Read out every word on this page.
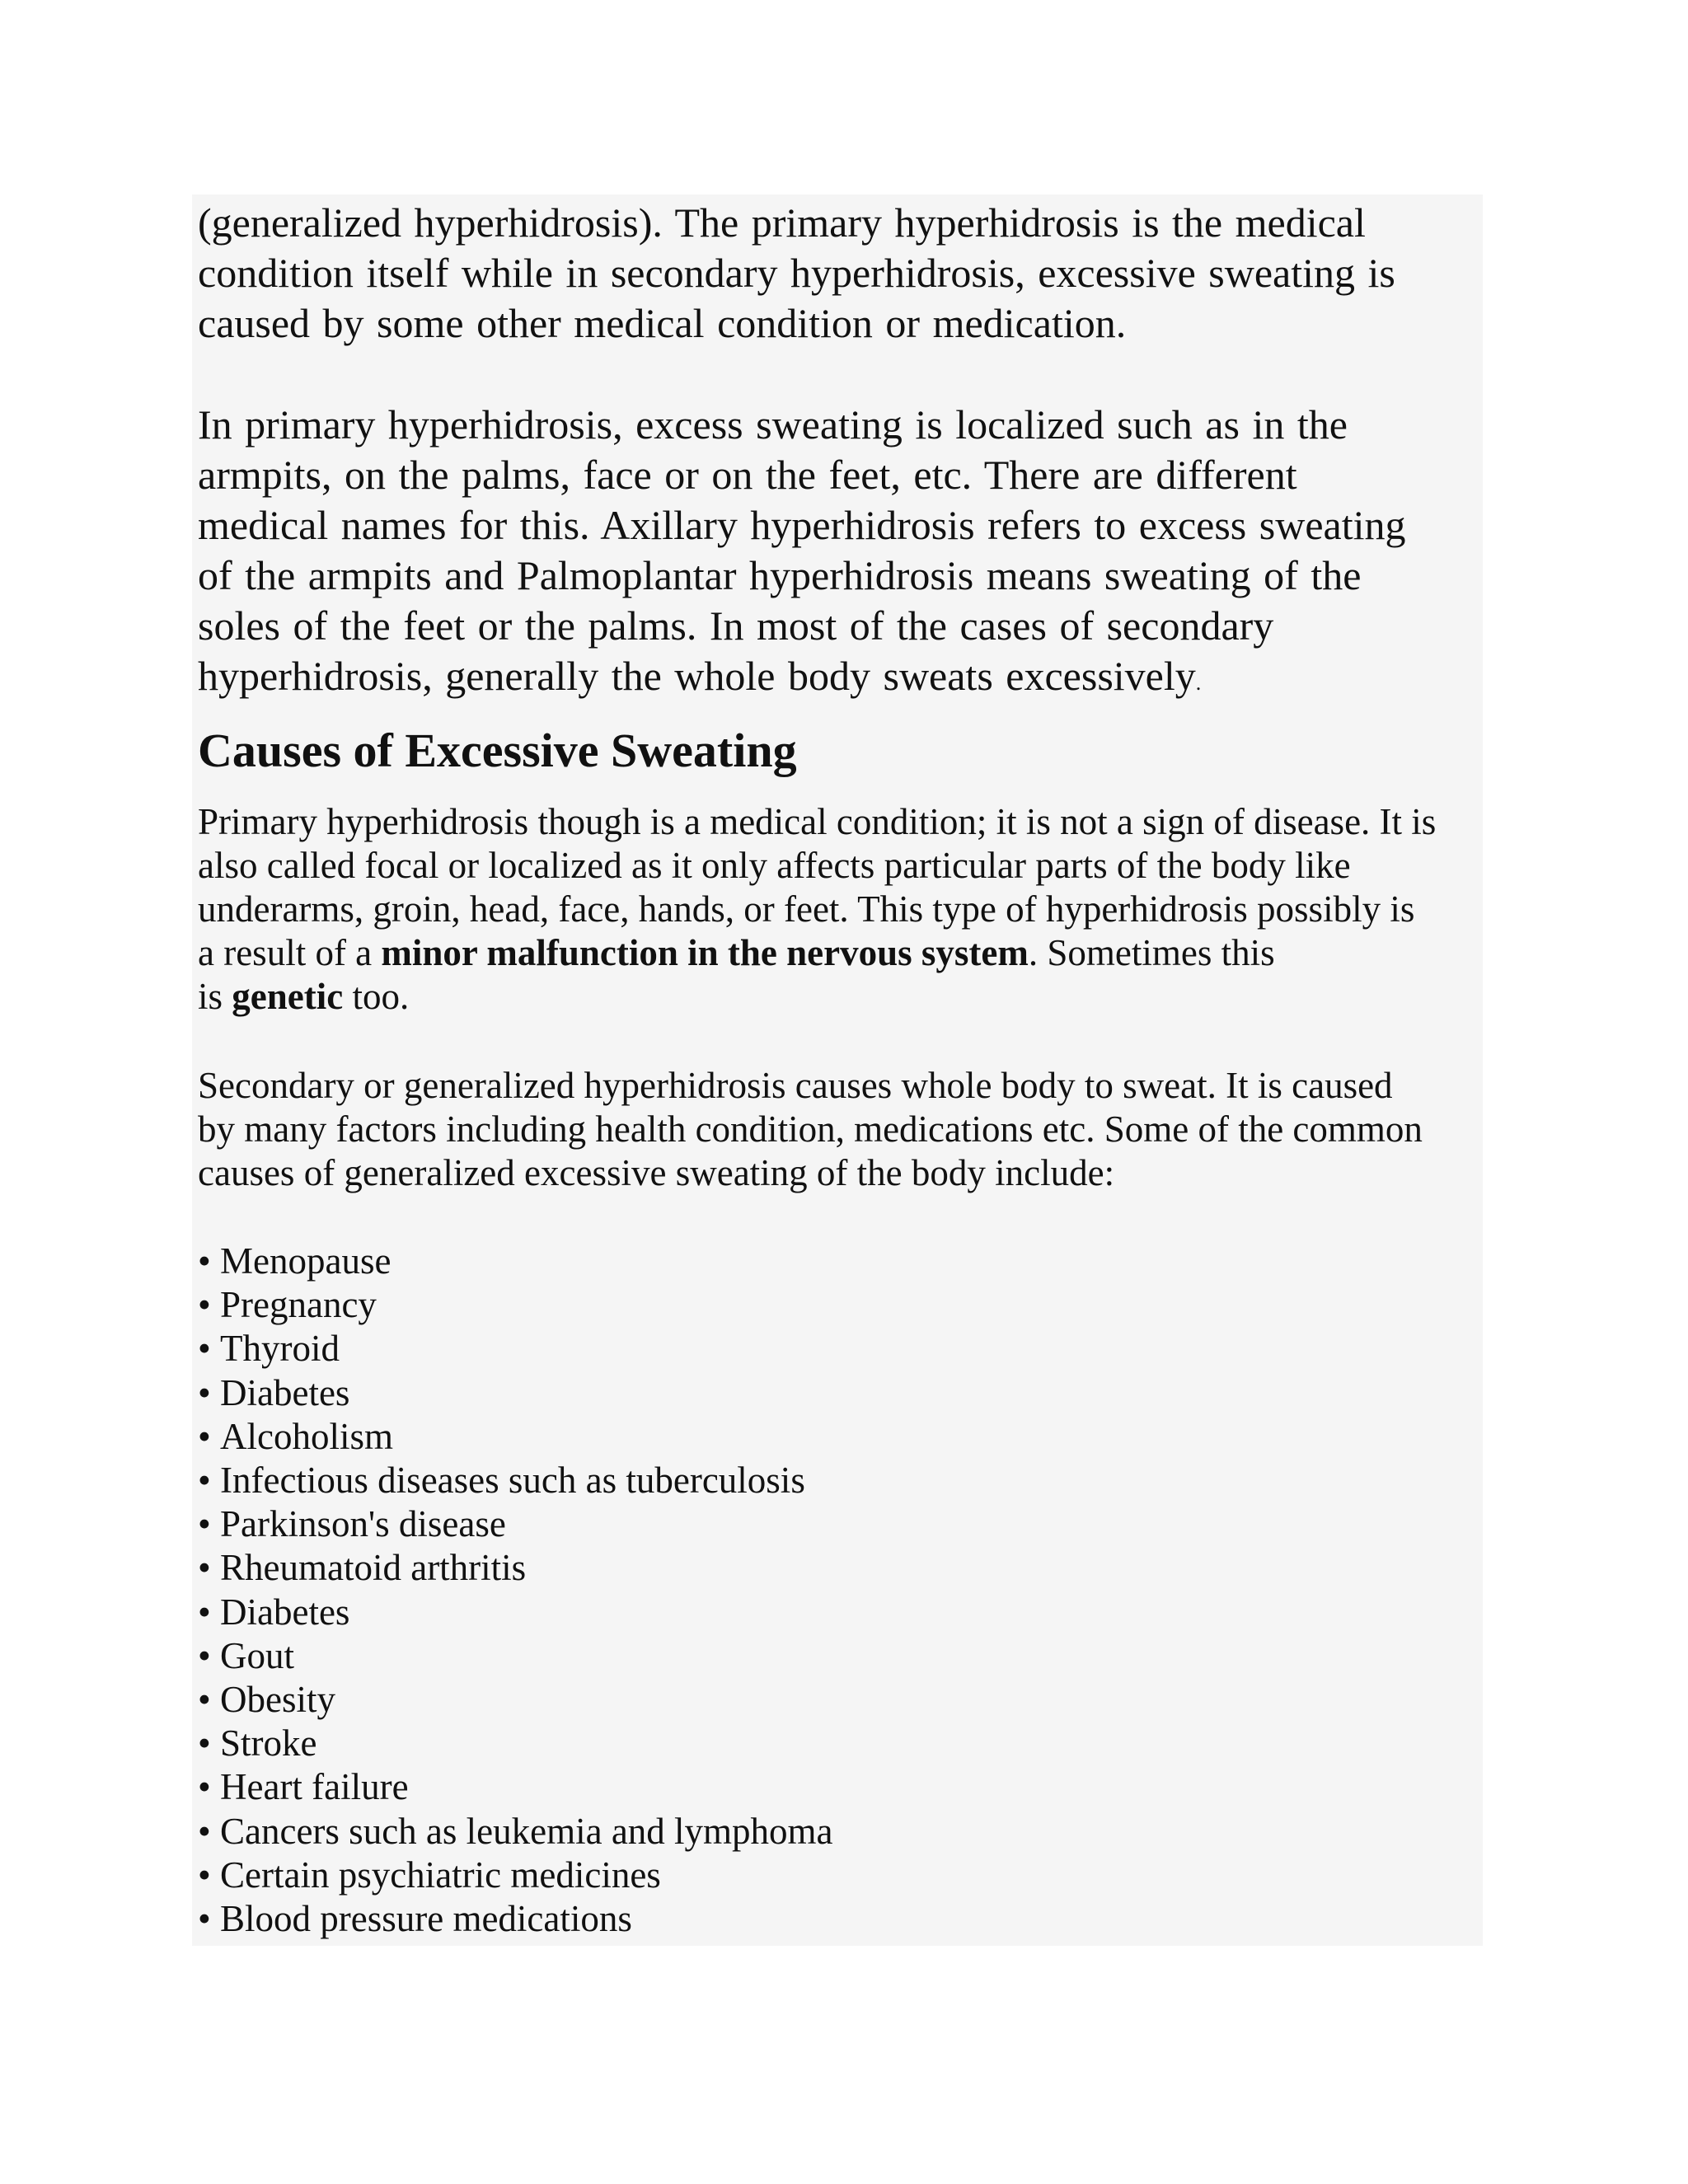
(generalized hyperhidrosis). The primary hyperhidrosis is the medical
condition itself while in secondary hyperhidrosis, excessive sweating is
caused by some other medical condition or medication.

In primary hyperhidrosis, excess sweating is localized such as in the
armpits, on the palms, face or on the feet, etc. There are different
medical names for this. Axillary hyperhidrosis refers to excess sweating
of the armpits and Palmoplantar hyperhidrosis means sweating of the
soles of the feet or the palms. In most of the cases of secondary
hyperhidrosis, generally the whole body sweats excessively.

Causes of Excessive Sweating

Primary hyperhidrosis though is a medical condition; it is not a sign of disease. It is
also called focal or localized as it only affects particular parts of the body like
underarms, groin, head, face, hands, or feet. This type of hyperhidrosis possibly is
a result of a minor malfunction in the nervous system. Sometimes this
is genetic too.

Secondary or generalized hyperhidrosis causes whole body to sweat. It is caused
by many factors including health condition, medications etc. Some of the common
causes of generalized excessive sweating of the body include:

• Menopause
• Pregnancy
• Thyroid
• Diabetes
• Alcoholism
• Infectious diseases such as tuberculosis
• Parkinson's disease
• Rheumatoid arthritis
• Diabetes
• Gout
• Obesity
• Stroke
• Heart failure
• Cancers such as leukemia and lymphoma
• Certain psychiatric medicines
• Blood pressure medications
